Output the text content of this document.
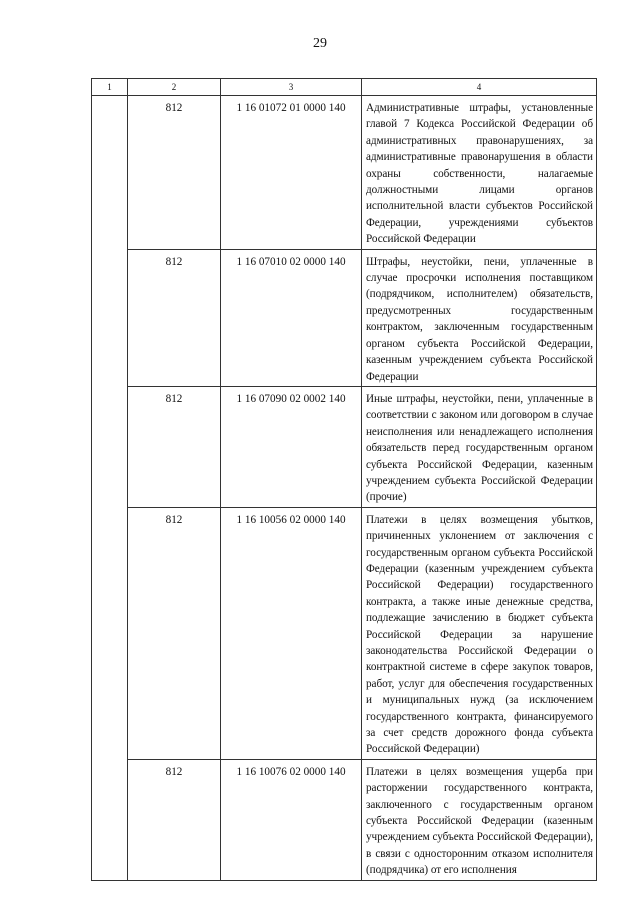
29
1	2	3	4
	812	1 16 01072 01 0000 140	Административные штрафы, установленные главой 7 Кодекса Российской Федерации об административных правонарушениях, за административные правонарушения в области охраны собственности, налагаемые должностными лицами органов исполнительной власти субъектов Российской Федерации, учреждениями субъектов Российской Федерации
	812	1 16 07010 02 0000 140	Штрафы, неустойки, пени, уплаченные в случае просрочки исполнения поставщиком (подрядчиком, исполнителем) обязательств, предусмотренных государственным контрактом, заключенным государственным органом субъекта Российской Федерации, казенным учреждением субъекта Российской Федерации
	812	1 16 07090 02 0002 140	Иные штрафы, неустойки, пени, уплаченные в соответствии с законом или договором в случае неисполнения или ненадлежащего исполнения обязательств перед государственным органом субъекта Российской Федерации, казенным учреждением субъекта Российской Федерации (прочие)
	812	1 16 10056 02 0000 140	Платежи в целях возмещения убытков, причиненных уклонением от заключения с государственным органом субъекта Российской Федерации (казенным учреждением субъекта Российской Федерации) государственного контракта, а также иные денежные средства, подлежащие зачислению в бюджет субъекта Российской Федерации за нарушение законодательства Российской Федерации о контрактной системе в сфере закупок товаров, работ, услуг для обеспечения государственных и муниципальных нужд (за исключением государственного контракта, финансируемого за счет средств дорожного фонда субъекта Российской Федерации)
	812	1 16 10076 02 0000 140	Платежи в целях возмещения ущерба при расторжении государственного контракта, заключенного с государственным органом субъекта Российской Федерации (казенным учреждением субъекта Российской Федерации), в связи с односторонним отказом исполнителя (подрядчика) от его исполнения
